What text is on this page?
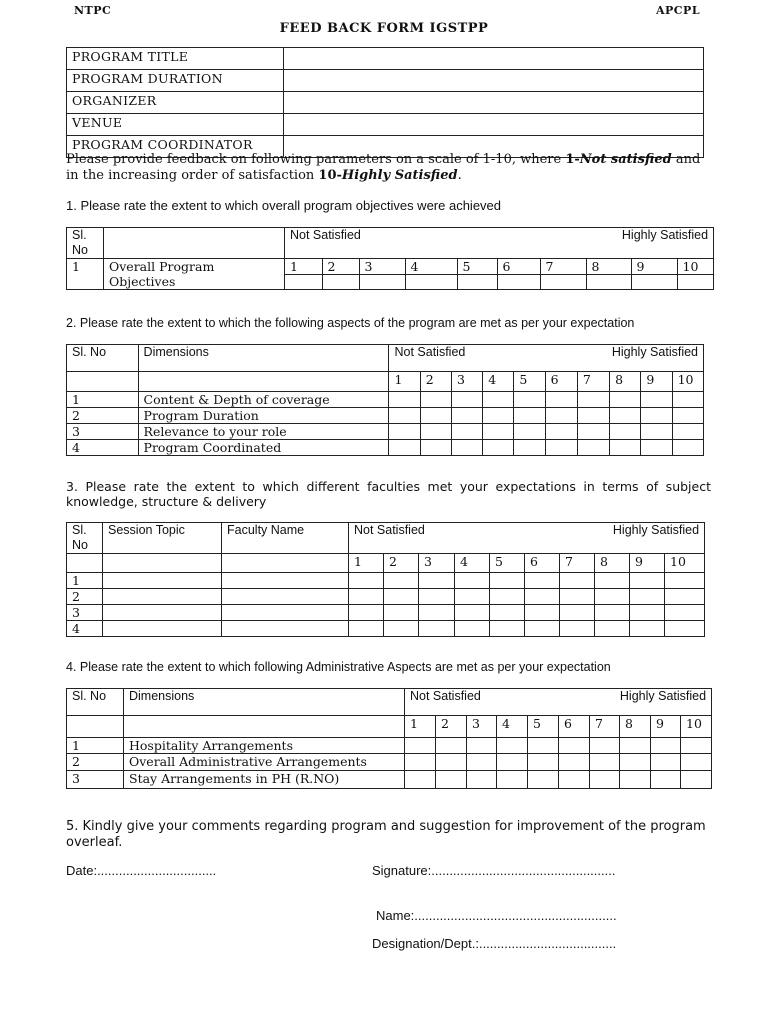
NTPC	APCPL
FEED BACK FORM IGSTPP
PROGRAM TITLE	
PROGRAM DURATION	
ORGANIZER	
VENUE	
PROGRAM COORDINATOR	
Please provide feedback on following parameters on a scale of 1-10, where 1-Not satisfied and in the increasing order of satisfaction 10-Highly Satisfied.
1. Please rate the extent to which overall program objectives were achieved
Sl. No		
Not Satisfied	Highly Satisfied

1	Overall Program Objectives	
1	2	3	4	5	6	7	8	9	10

2. Please rate the extent to which the following aspects of the program are met as per your expectation
Sl. No	Dimensions	Not Satisfied Highly Satisfied									

		1	2	3	4	5	6	7	8	9	10
1	Content & Depth of coverage										
2	Program Duration										
3	Relevance to your role										
4	Program Coordinated										
3. Please rate the extent to which different faculties met your expectations in terms of subject knowledge, structure & delivery
Sl. No	Session Topic	Faculty Name	Not Satisfied Highly Satisfied									

			1	2	3	4	5	6	7	8	9	10
1												
2												
3												
4												
4. Please rate the extent to which following Administrative Aspects are met as per your expectation
Sl. No	Dimensions	Not Satisfied Highly Satisfied									

		1	2	3	4	5	6	7	8	9	10
1	Hospitality Arrangements										
2	Overall Administrative Arrangements										
3	Stay Arrangements in PH (R.NO)										
5. Kindly give your comments regarding program and suggestion for improvement of the program overleaf.
Date:.................................	Signature:...................................................
Name:........................................................
Designation/Dept.:......................................
